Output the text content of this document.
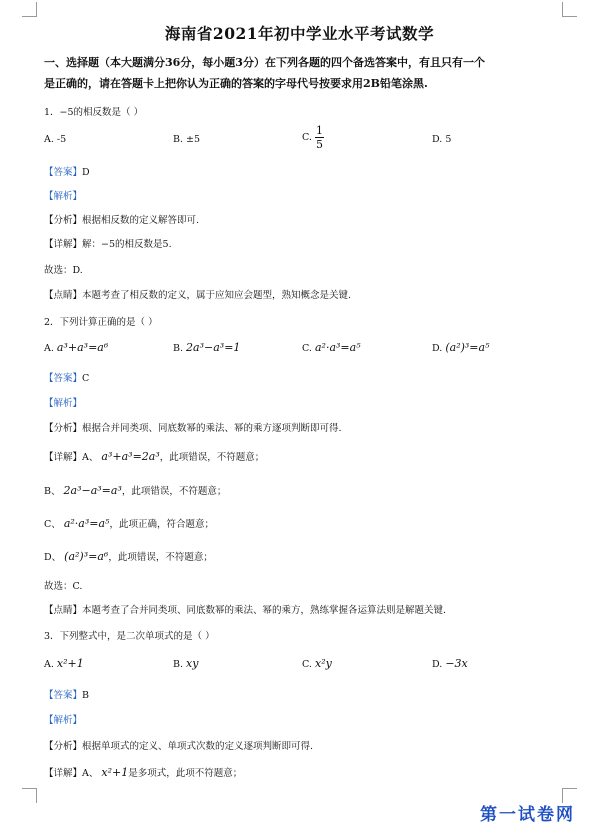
海南省2021年初中学业水平考试数学
一、选择题（本大题满分36分，每小题3分）在下列各题的四个备选答案中，有且只有一个
是正确的，请在答题卡上把你认为正确的答案的字母代号按要求用2B铅笔涂黑.
1．−5的相反数是（ ）
A. -5	B. ±5	C. $\frac{1}{5}$	D. 5
【答案】D
【解析】
【分析】根据相反数的定义解答即可.
【详解】解：−5的相反数是5.
故选：D.
【点睛】本题考查了相反数的定义，属于应知应会题型，熟知概念是关键.
2．下列计算正确的是（ ）
A. a³+a³=a⁶	B. 2a³−a³=1	C. a²·a³=a⁵	D. (a²)³=a⁵
【答案】C
【解析】
【分析】根据合并同类项、同底数幂的乘法、幂的乘方逐项判断即可得.
【详解】A、 a³+a³=2a³，此项错误，不符题意；
B、 2a³−a³=a³，此项错误，不符题意；
C、 a²·a³=a⁵，此项正确，符合题意；
D、 (a²)³=a⁶，此项错误，不符题意；
故选：C.
【点睛】本题考查了合并同类项、同底数幂的乘法、幂的乘方，熟练掌握各运算法则是解题关键.
3．下列整式中，是二次单项式的是（ ）
A. x²+1	B. xy	C. x²y	D. −3x
【答案】B
【解析】
【分析】根据单项式的定义、单项式次数的定义逐项判断即可得.
【详解】A、 x²+1是多项式，此项不符题意；
第一试卷网
